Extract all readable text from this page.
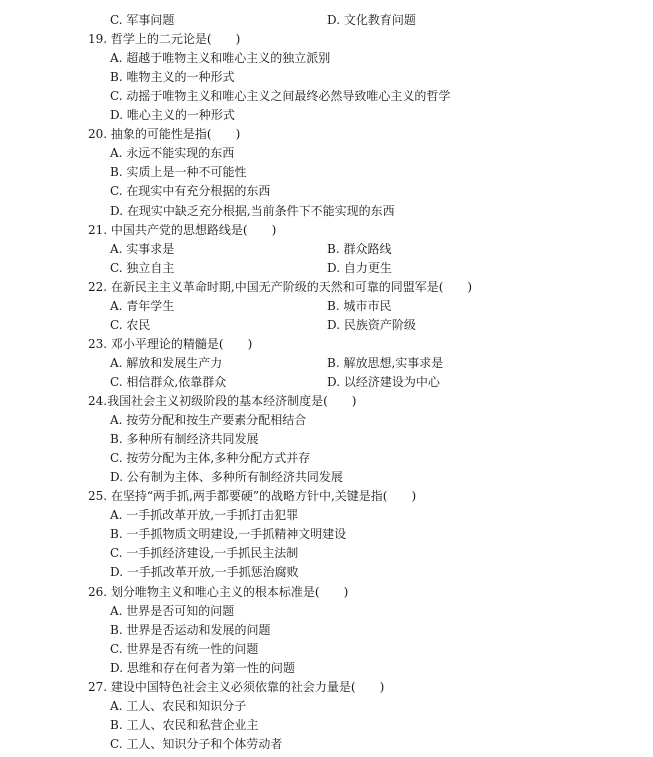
C. 军事问题	D. 文化教育问题
19. 哲学上的二元论是(　　)
A. 超越于唯物主义和唯心主义的独立派别
B. 唯物主义的一种形式
C. 动摇于唯物主义和唯心主义之间最终必然导致唯心主义的哲学
D. 唯心主义的一种形式
20. 抽象的可能性是指(　　)
A. 永远不能实现的东西
B. 实质上是一种不可能性
C. 在现实中有充分根据的东西
D. 在现实中缺乏充分根据,当前条件下不能实现的东西
21. 中国共产党的思想路线是(　　)
A. 实事求是	B. 群众路线
C. 独立自主	D. 自力更生
22. 在新民主主义革命时期,中国无产阶级的天然和可靠的同盟军是(　　)
A. 青年学生	B. 城市市民
C. 农民	D. 民族资产阶级
23. 邓小平理论的精髓是(　　)
A. 解放和发展生产力	B. 解放思想,实事求是
C. 相信群众,依靠群众	D. 以经济建设为中心
24.我国社会主义初级阶段的基本经济制度是(　　)
A. 按劳分配和按生产要素分配相结合
B. 多种所有制经济共同发展
C. 按劳分配为主体,多种分配方式并存
D. 公有制为主体、多种所有制经济共同发展
25. 在坚持“两手抓,两手都要硬”的战略方针中,关键是指(　　)
A. 一手抓改革开放,一手抓打击犯罪
B. 一手抓物质文明建设,一手抓精神文明建设
C. 一手抓经济建设,一手抓民主法制
D. 一手抓改革开放,一手抓惩治腐败
26. 划分唯物主义和唯心主义的根本标准是(　　)
A. 世界是否可知的问题
B. 世界是否运动和发展的问题
C. 世界是否有统一性的问题
D. 思维和存在何者为第一性的问题
27. 建设中国特色社会主义必须依靠的社会力量是(　　)
A. 工人、农民和知识分子
B. 工人、农民和私营企业主
C. 工人、知识分子和个体劳动者
